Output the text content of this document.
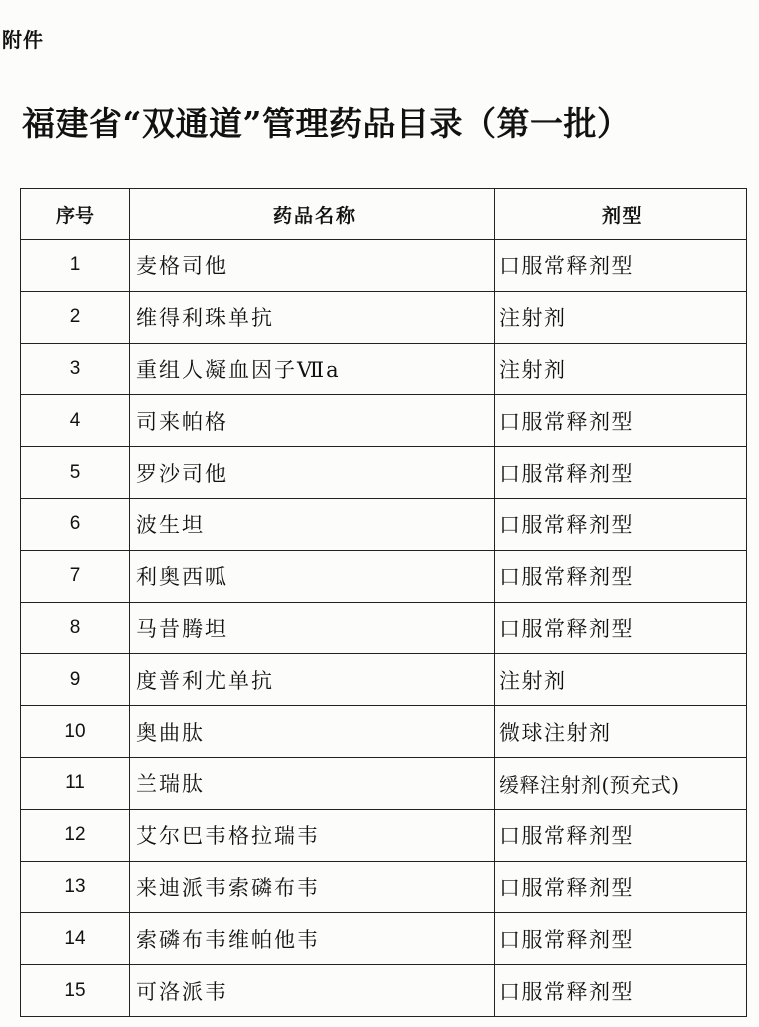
附件
福建省“双通道”管理药品目录（第一批）
序号	药品名称	剂型
1	麦格司他	口服常释剂型
2	维得利珠单抗	注射剂
3	重组人凝血因子Ⅶa	注射剂
4	司来帕格	口服常释剂型
5	罗沙司他	口服常释剂型
6	波生坦	口服常释剂型
7	利奥西呱	口服常释剂型
8	马昔腾坦	口服常释剂型
9	度普利尤单抗	注射剂
10	奥曲肽	微球注射剂
11	兰瑞肽	缓释注射剂(预充式)
12	艾尔巴韦格拉瑞韦	口服常释剂型
13	来迪派韦索磷布韦	口服常释剂型
14	索磷布韦维帕他韦	口服常释剂型
15	可洛派韦	口服常释剂型
